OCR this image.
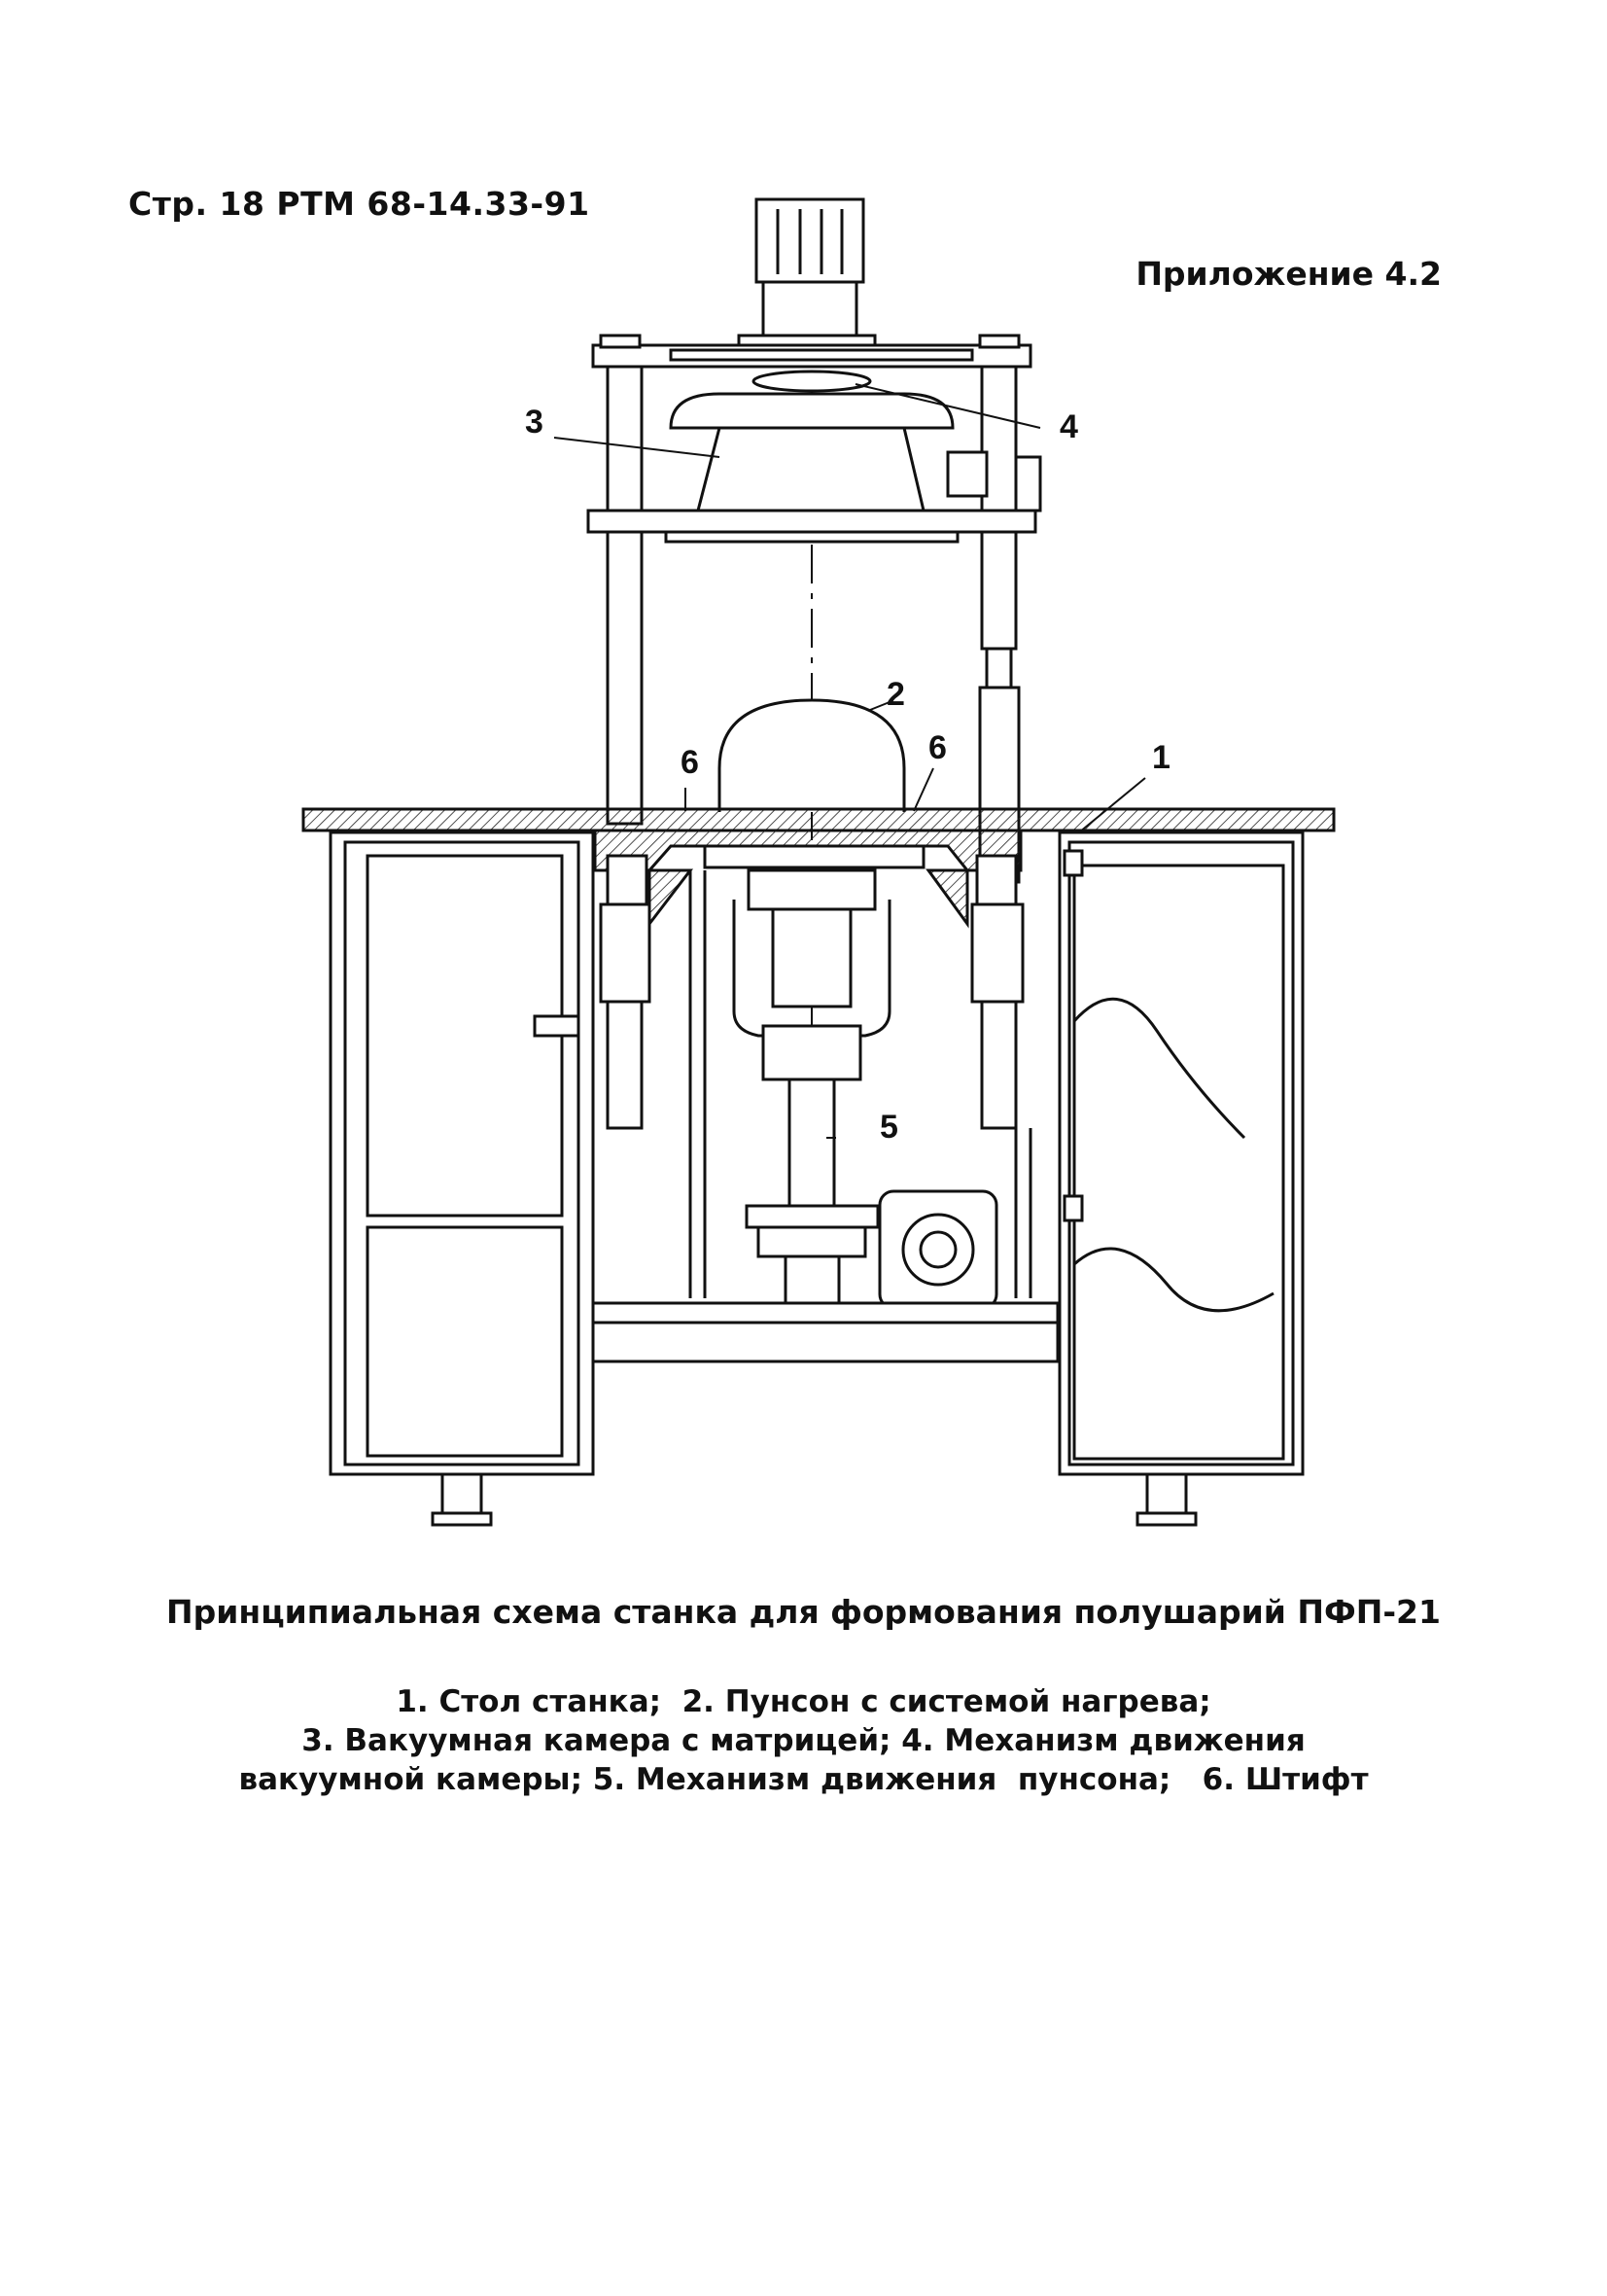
Стр. 18 РТМ 68-14.33-91
Приложение 4.2
1
2
3	4
5
6	6
Принципиальная схема станка для формования полушарий ПФП-21
1. Стол станка;  2. Пунсон с системой нагрева;
3. Вакуумная камера с матрицей; 4. Механизм движения
вакуумной камеры; 5. Механизм движения  пунсона;   6. Штифт
